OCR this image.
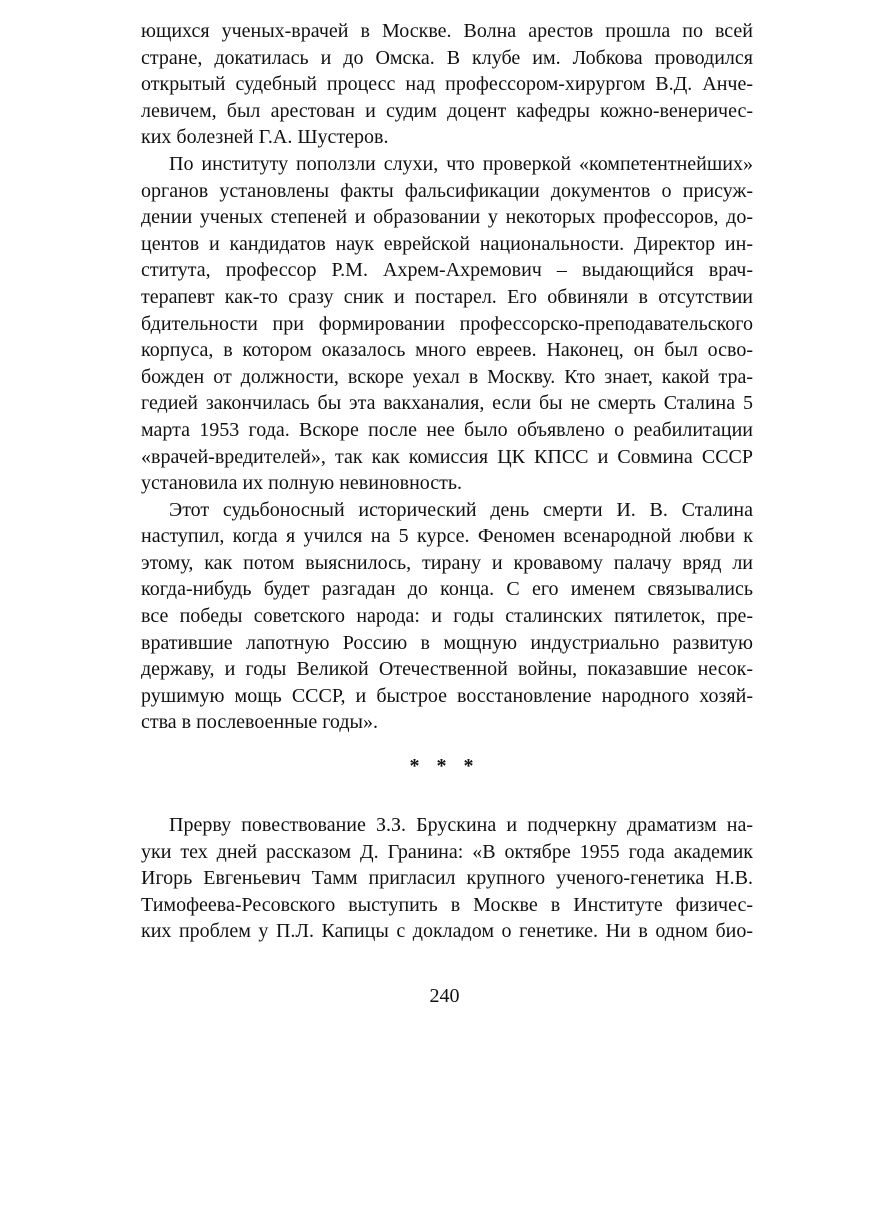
ющихся ученых-врачей в Москве. Волна арестов прошла по всей
стране, докатилась и до Омска. В клубе им. Лобкова проводился
открытый судебный процесс над профессором-хирургом В.Д. Анче-
левичем, был арестован и судим доцент кафедры кожно-венеричес-
ких болезней Г.А. Шустеров.
По институту поползли слухи, что проверкой «компетентнейших»
органов установлены факты фальсификации документов о присуж-
дении ученых степеней и образовании у некоторых профессоров, до-
центов и кандидатов наук еврейской национальности. Директор ин-
ститута, профессор Р.М. Ахрем-Ахремович – выдающийся врач-
терапевт как-то сразу сник и постарел. Его обвиняли в отсутствии
бдительности при формировании профессорско-преподавательского
корпуса, в котором оказалось много евреев. Наконец, он был осво-
божден от должности, вскоре уехал в Москву. Кто знает, какой тра-
гедией закончилась бы эта вакханалия, если бы не смерть Сталина 5
марта 1953 года. Вскоре после нее было объявлено о реабилитации
«врачей-вредителей», так как комиссия ЦК КПСС и Совмина СССР
установила их полную невиновность.
Этот судьбоносный исторический день смерти И. В. Сталина
наступил, когда я учился на 5 курсе. Феномен всенародной любви к
этому, как потом выяснилось, тирану и кровавому палачу вряд ли
когда-нибудь будет разгадан до конца. С его именем связывались
все победы советского народа: и годы сталинских пятилеток, пре-
вратившие лапотную Россию в мощную индустриально развитую
державу, и годы Великой Отечественной войны, показавшие несок-
рушимую мощь СССР, и быстрое восстановление народного хозяй-
ства в послевоенные годы».
* * *
Прерву повествование З.З. Брускина и подчеркну драматизм на-
уки тех дней рассказом Д. Гранина: «В октябре 1955 года академик
Игорь Евгеньевич Тамм пригласил крупного ученого-генетика Н.В.
Тимофеева-Ресовского выступить в Москве в Институте физичес-
ких проблем у П.Л. Капицы с докладом о генетике. Ни в одном био-
240
